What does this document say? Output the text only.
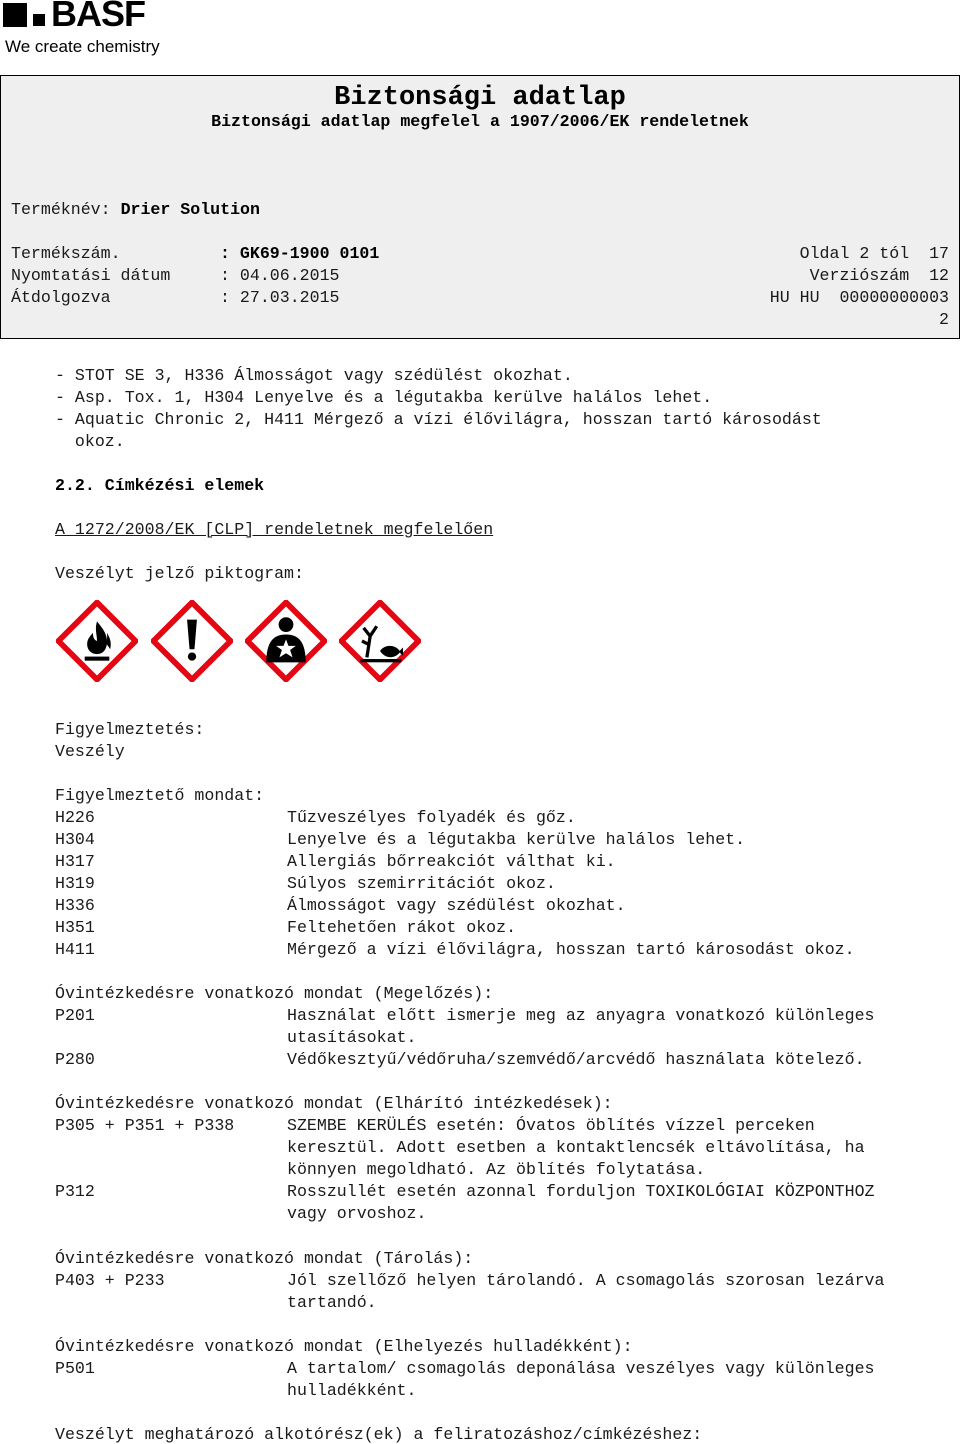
BASF
We create chemistry
Biztonsági adatlap
Biztonsági adatlap megfelel a 1907/2006/EK rendeletnek
Terméknév: Drier Solution
Termékszám.	: GK69-1900 0101	Oldal 2 tól  17
Nyomtatási dátum	: 04.06.2015	Verziószám  12
Átdolgozva	: 27.03.2015	HU HU  00000000003
2
- STOT SE 3, H336 Álmosságot vagy szédülést okozhat.
- Asp. Tox. 1, H304 Lenyelve és a légutakba kerülve halálos lehet.
- Aquatic Chronic 2, H411 Mérgező a vízi élővilágra, hosszan tartó károsodást
okoz.
2.2. Címkézési elemek
A 1272/2008/EK [CLP] rendeletnek megfelelően
Veszélyt jelző piktogram:
Figyelmeztetés:
Veszély
Figyelmeztető mondat:
H226	Tűzveszélyes folyadék és gőz.
H304	Lenyelve és a légutakba kerülve halálos lehet.
H317	Allergiás bőrreakciót válthat ki.
H319	Súlyos szemirritációt okoz.
H336	Álmosságot vagy szédülést okozhat.
H351	Feltehetően rákot okoz.
H411	Mérgező a vízi élővilágra, hosszan tartó károsodást okoz.
Óvintézkedésre vonatkozó mondat (Megelőzés):
P201	Használat előtt ismerje meg az anyagra vonatkozó különleges
utasításokat.
P280	Védőkesztyű/védőruha/szemvédő/arcvédő használata kötelező.
Óvintézkedésre vonatkozó mondat (Elhárító intézkedések):
P305 + P351 + P338	SZEMBE KERÜLÉS esetén: Óvatos öblítés vízzel perceken
keresztül. Adott esetben a kontaktlencsék eltávolítása, ha
könnyen megoldható. Az öblítés folytatása.
P312	Rosszullét esetén azonnal forduljon TOXIKOLÓGIAI KÖZPONTHOZ
vagy orvoshoz.
Óvintézkedésre vonatkozó mondat (Tárolás):
P403 + P233	Jól szellőző helyen tárolandó. A csomagolás szorosan lezárva
tartandó.
Óvintézkedésre vonatkozó mondat (Elhelyezés hulladékként):
P501	A tartalom/ csomagolás deponálása veszélyes vagy különleges
hulladékként.
Veszélyt meghatározó alkotórész(ek) a feliratozáshoz/címkézéshez:
